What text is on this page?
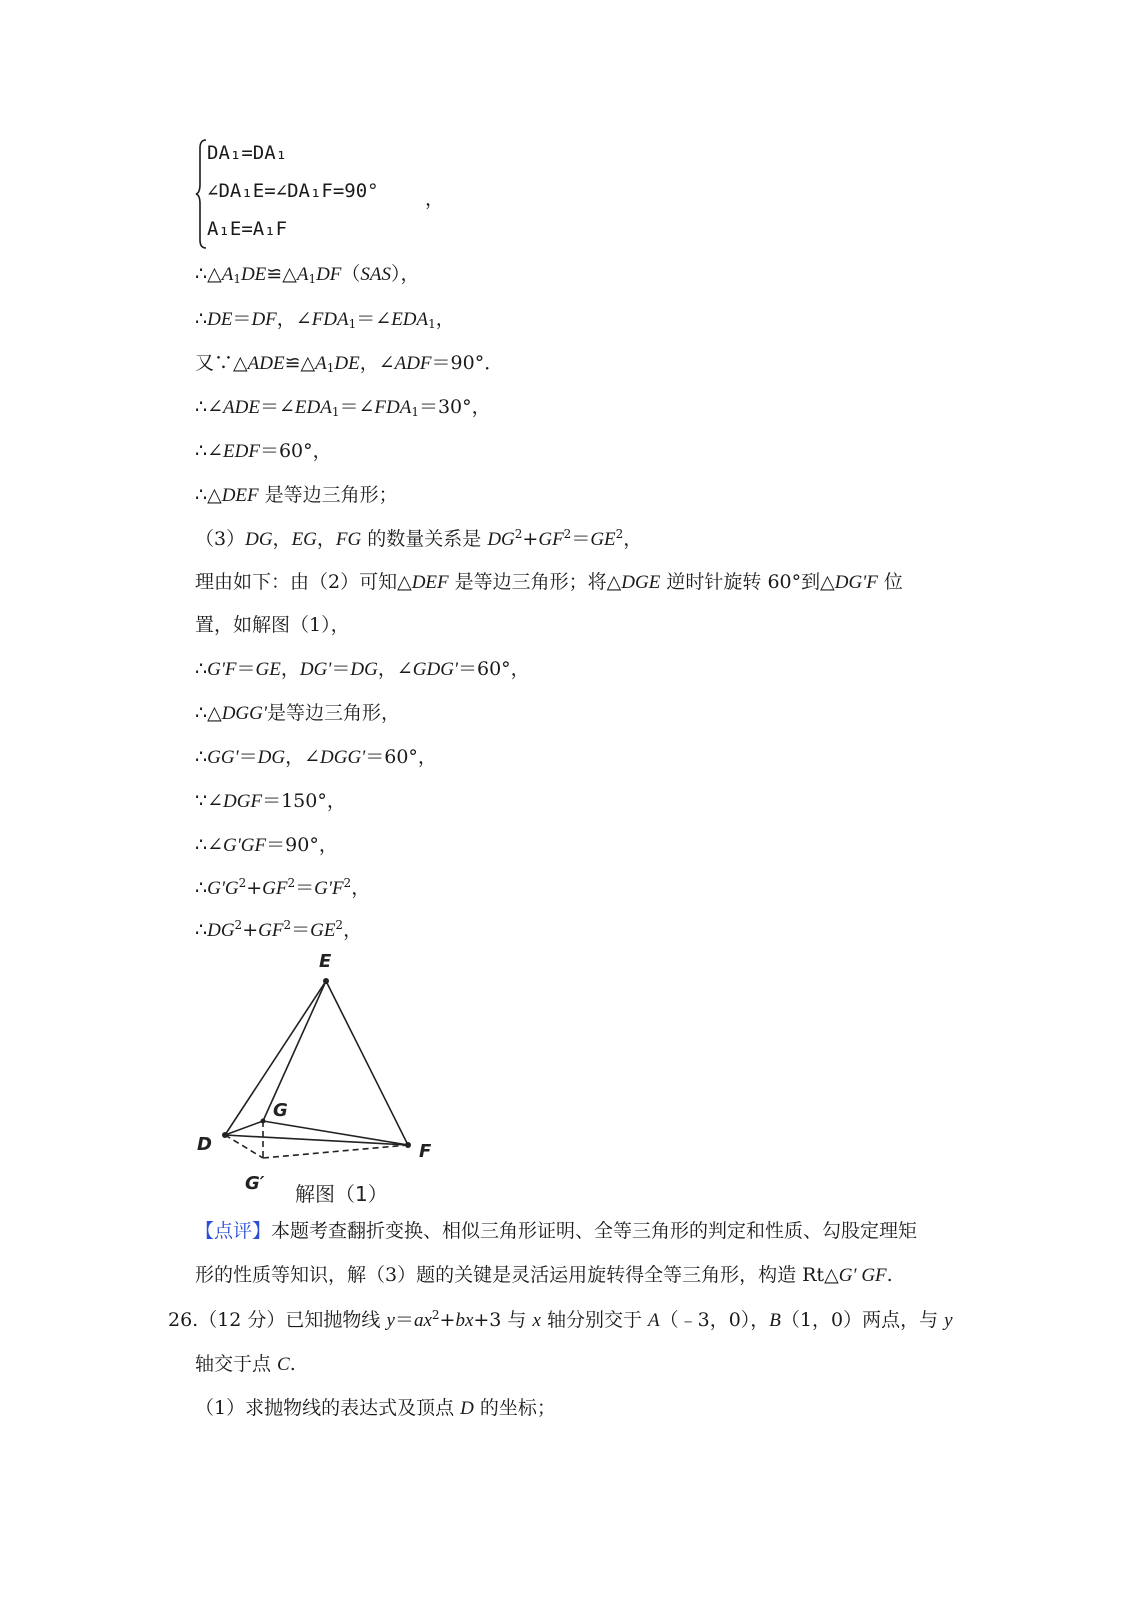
DA₁=DA₁
∠DA₁E=∠DA₁F=90°
A₁E=A₁F
，
$\therefore\triangle A_1DE≌\triangle A_1DF(SAS)$，
∴DE＝DF，$\angle FDA_1=\angle EDA_1$，
又$\because\triangle ADE≌\triangle A_1DE$，∠ADF＝90°．
$\therefore\angle ADE=\angle EDA_1=\angle FDA_1=30^\circ$，
∴∠EDF＝60°，
∴△DEF 是等边三角形；
（3）DG，EG，FG 的数量关系是 $DG^2+GF^2=GE^2$，
理由如下：由（2）可知△DEF 是等边三角形；将△DGE 逆时针旋转 60°到△DG'F 位
置，如解图（1），
∴G'F＝GE，DG'＝DG，∠GDG'＝60°，
∴△DGG'是等边三角形，
∴GG'＝DG，∠DGG'＝60°，
∵∠DGF＝150°，
∴∠G'GF＝90°，
$\therefore G'G^2+GF^2=G'F^2$，
$\therefore DG^2+GF^2=GE^2$，
E
G
D	F
G′ 解图（1）
【点评】本题考查翻折变换、相似三角形证明、全等三角形的判定和性质、勾股定理矩
形的性质等知识，解（3）题的关键是灵活运用旋转得全等三角形，构造 Rt△G′ GF.
26.（12 分）已知抛物线 $y=ax^2+bx+3$ 与 x 轴分别交于 A（﹣3，0），B（1，0）两点，与 y
轴交于点 C.
（1）求抛物线的表达式及顶点 D 的坐标；
